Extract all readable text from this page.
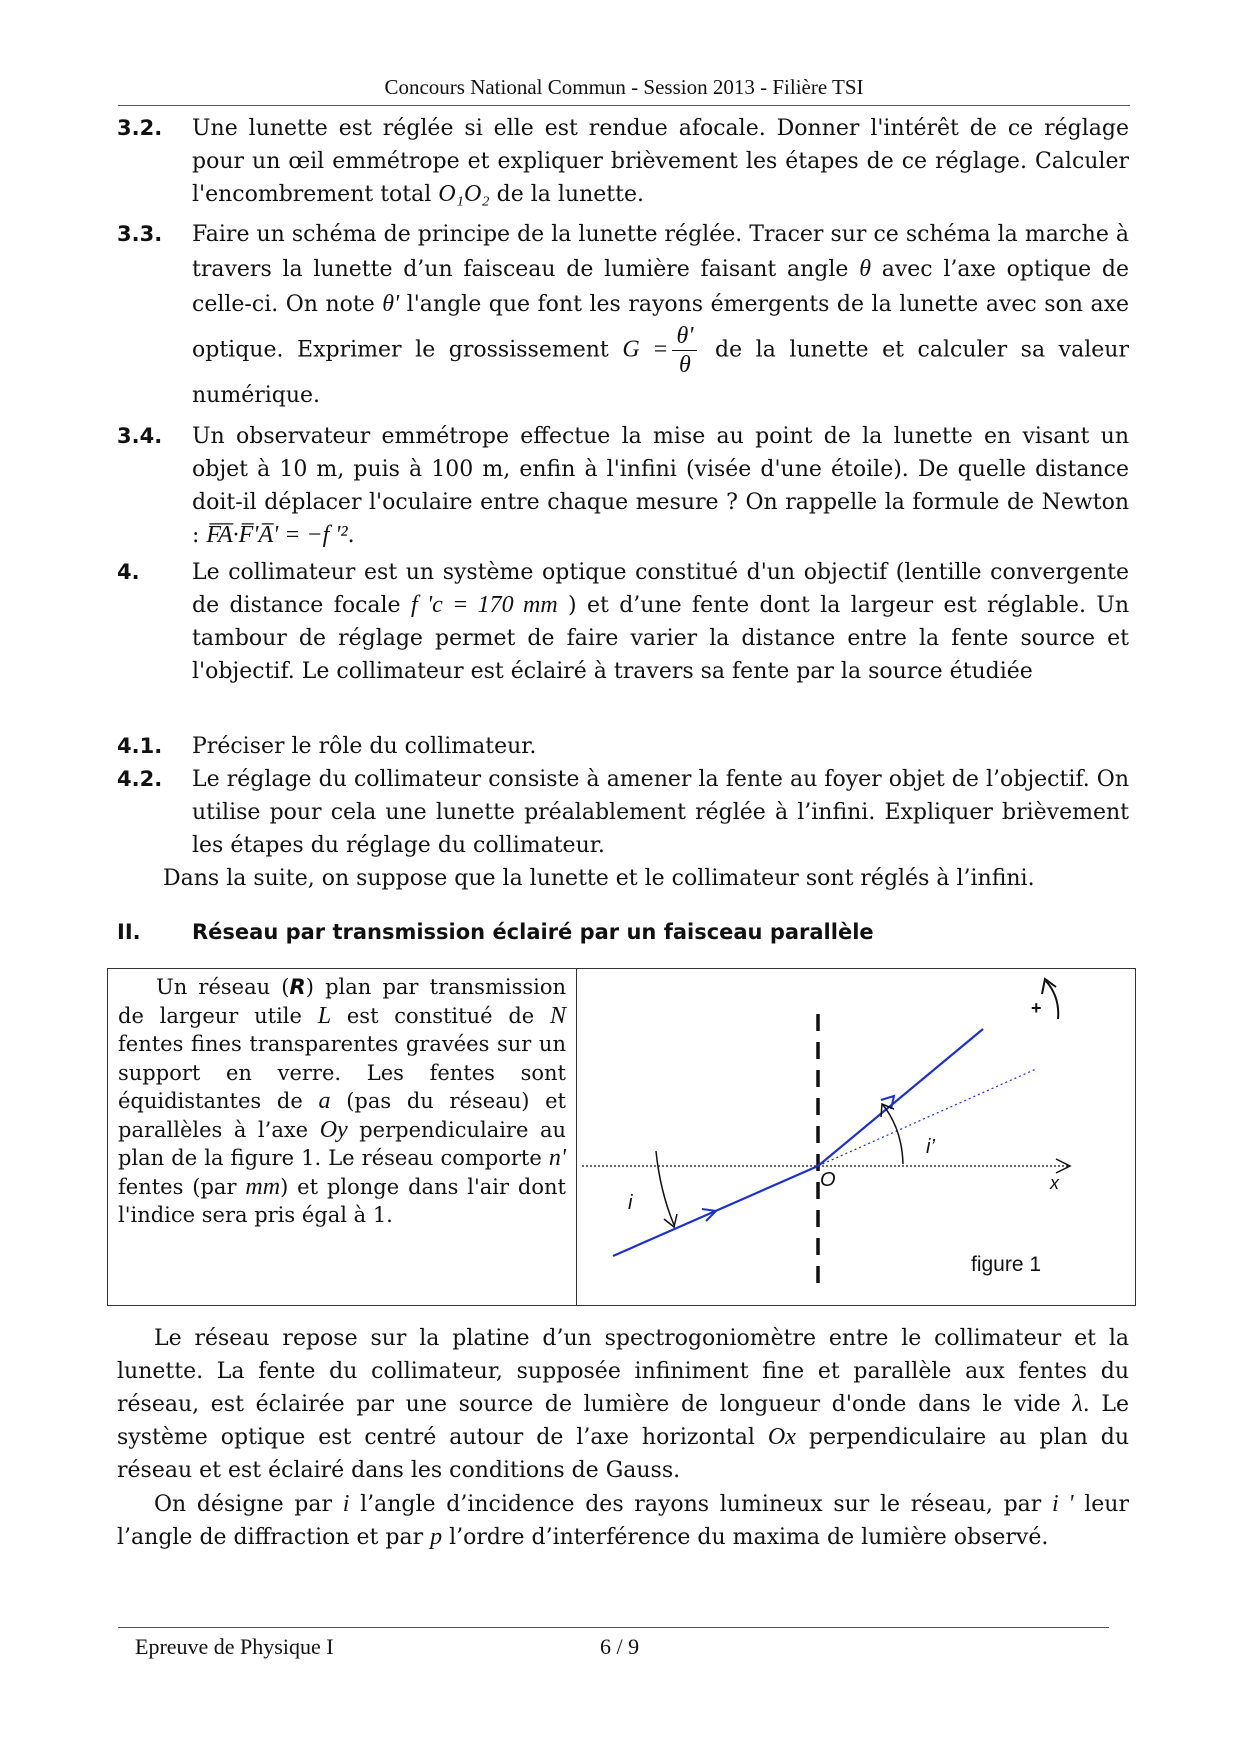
Concours National Commun - Session 2013 - Filière TSI
3.2. Une lunette est réglée si elle est rendue afocale. Donner l'intérêt de ce réglage pour un œil emmétrope et expliquer brièvement les étapes de ce réglage. Calculer l'encombrement total O₁O₂ de la lunette.
3.3. Faire un schéma de principe de la lunette réglée. Tracer sur ce schéma la marche à travers la lunette d’un faisceau de lumière faisant angle θ avec l’axe optique de celle-ci. On note θ' l'angle que font les rayons émergents de la lunette avec son axe optique. Exprimer le grossissement $G = \frac{\theta'}{\theta}$ de la lunette et calculer sa valeur numérique.
3.4. Un observateur emmétrope effectue la mise au point de la lunette en visant un objet à 10 m, puis à 100 m, enfin à l'infini (visée d'une étoile). De quelle distance doit-il déplacer l'oculaire entre chaque mesure ? On rappelle la formule de Newton : F̅A̅·F̅'A̅' = −f '².
4. Le collimateur est un système optique constitué d'un objectif (lentille convergente de distance focale f 'c = 170 mm ) et d’une fente dont la largeur est réglable. Un tambour de réglage permet de faire varier la distance entre la fente source et l'objectif. Le collimateur est éclairé à travers sa fente par la source étudiée
4.1. Préciser le rôle du collimateur.
4.2. Le réglage du collimateur consiste à amener la fente au foyer objet de l’objectif. On utilise pour cela une lunette préalablement réglée à l’infini. Expliquer brièvement les étapes du réglage du collimateur.
Dans la suite, on suppose que la lunette et le collimateur sont réglés à l’infini.
II. Réseau par transmission éclairé par un faisceau parallèle
Un réseau (R) plan par transmission de largeur utile L est constitué de N fentes fines transparentes gravées sur un support en verre. Les fentes sont équidistantes de a (pas du réseau) et parallèles à l’axe Oy perpendiculaire au plan de la figure 1. Le réseau comporte n' fentes (par mm) et plonge dans l'air dont l'indice sera pris égal à 1.	i
i’
O	x
+
figure 1
Le réseau repose sur la platine d’un spectrogoniomètre entre le collimateur et la lunette. La fente du collimateur, supposée infiniment fine et parallèle aux fentes du réseau, est éclairée par une source de lumière de longueur d'onde dans le vide λ. Le système optique est centré autour de l’axe horizontal Ox perpendiculaire au plan du réseau et est éclairé dans les conditions de Gauss.
On désigne par i l’angle d’incidence des rayons lumineux sur le réseau, par i ' leur l’angle de diffraction et par p l’ordre d’interférence du maxima de lumière observé.
Epreuve de Physique I	6 / 9
